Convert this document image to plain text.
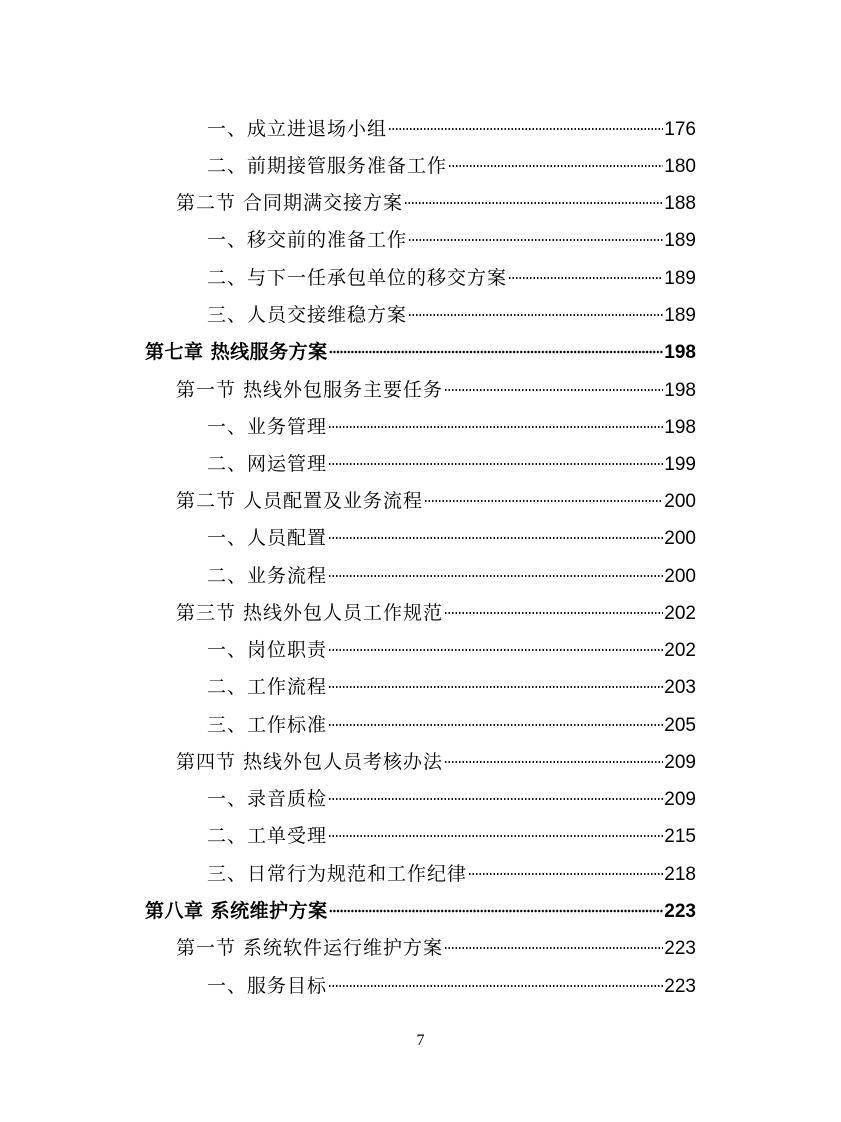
一、成立进退场小组	176
二、前期接管服务准备工作	180
第二节 合同期满交接方案	188
一、移交前的准备工作	189
二、与下一任承包单位的移交方案	189
三、人员交接维稳方案	189
第七章 热线服务方案	198
第一节 热线外包服务主要任务	198
一、业务管理	198
二、网运管理	199
第二节 人员配置及业务流程	200
一、人员配置	200
二、业务流程	200
第三节 热线外包人员工作规范	202
一、岗位职责	202
二、工作流程	203
三、工作标准	205
第四节 热线外包人员考核办法	209
一、录音质检	209
二、工单受理	215
三、日常行为规范和工作纪律	218
第八章 系统维护方案	223
第一节 系统软件运行维护方案	223
一、服务目标	223
7
